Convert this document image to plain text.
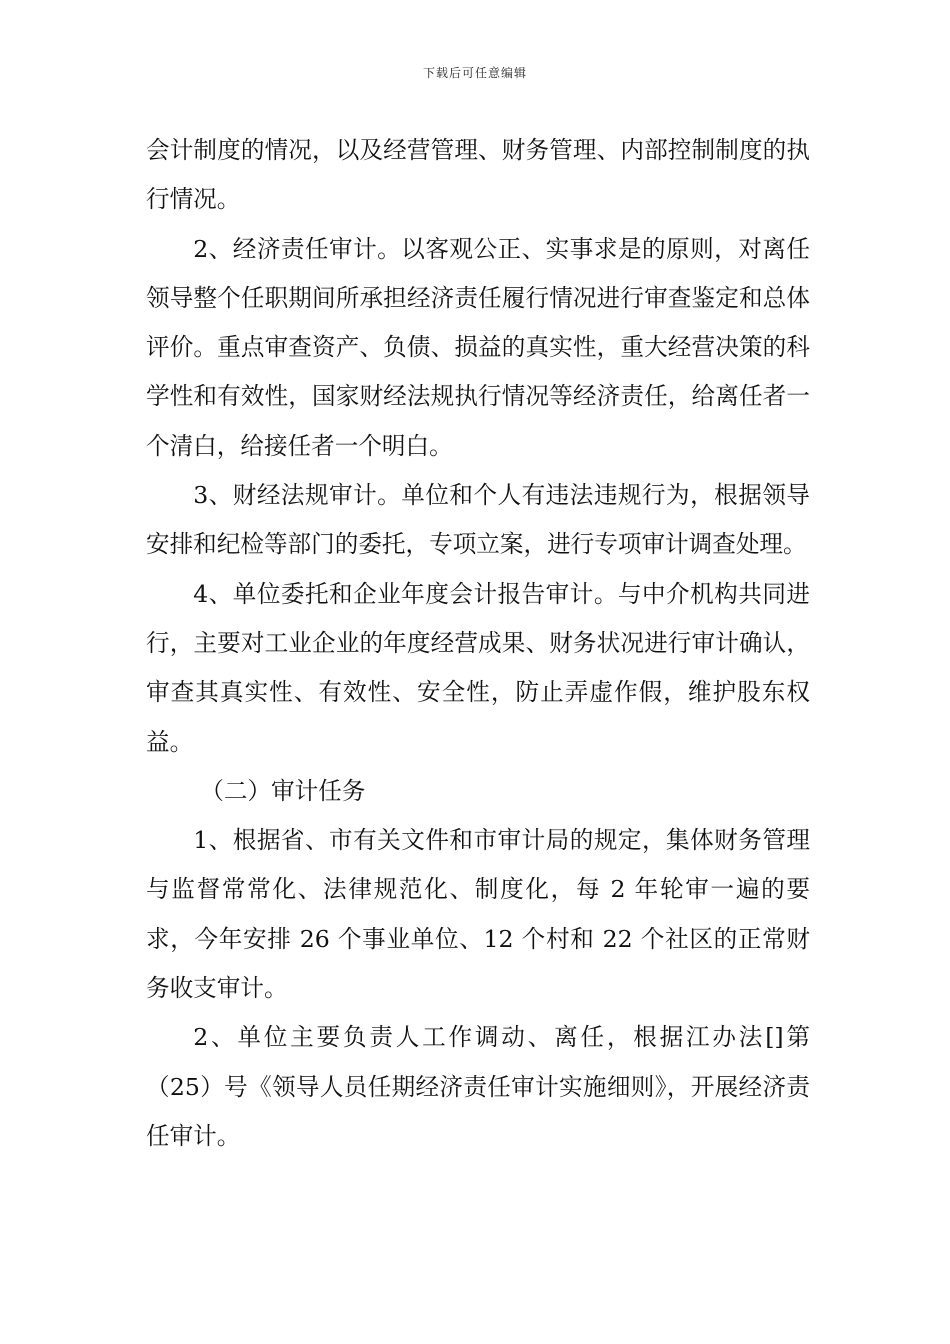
下载后可任意编辑

会计制度的情况，以及经营管理、财务管理、内部控制制度的执行情况。

2、经济责任审计。以客观公正、实事求是的原则，对离任领导整个任职期间所承担经济责任履行情况进行审查鉴定和总体评价。重点审查资产、负债、损益的真实性，重大经营决策的科学性和有效性，国家财经法规执行情况等经济责任，给离任者一个清白，给接任者一个明白。

3、财经法规审计。单位和个人有违法违规行为，根据领导安排和纪检等部门的委托，专项立案，进行专项审计调查处理。

4、单位委托和企业年度会计报告审计。与中介机构共同进行，主要对工业企业的年度经营成果、财务状况进行审计确认，审查其真实性、有效性、安全性，防止弄虚作假，维护股东权益。

（二）审计任务

1、根据省、市有关文件和市审计局的规定，集体财务管理与监督常常化、法律规范化、制度化，每 2 年轮审一遍的要求，今年安排 26 个事业单位、12 个村和 22 个社区的正常财务收支审计。

2、单位主要负责人工作调动、离任，根据江办法[]第（25）号《领导人员任期经济责任审计实施细则》，开展经济责任审计。
